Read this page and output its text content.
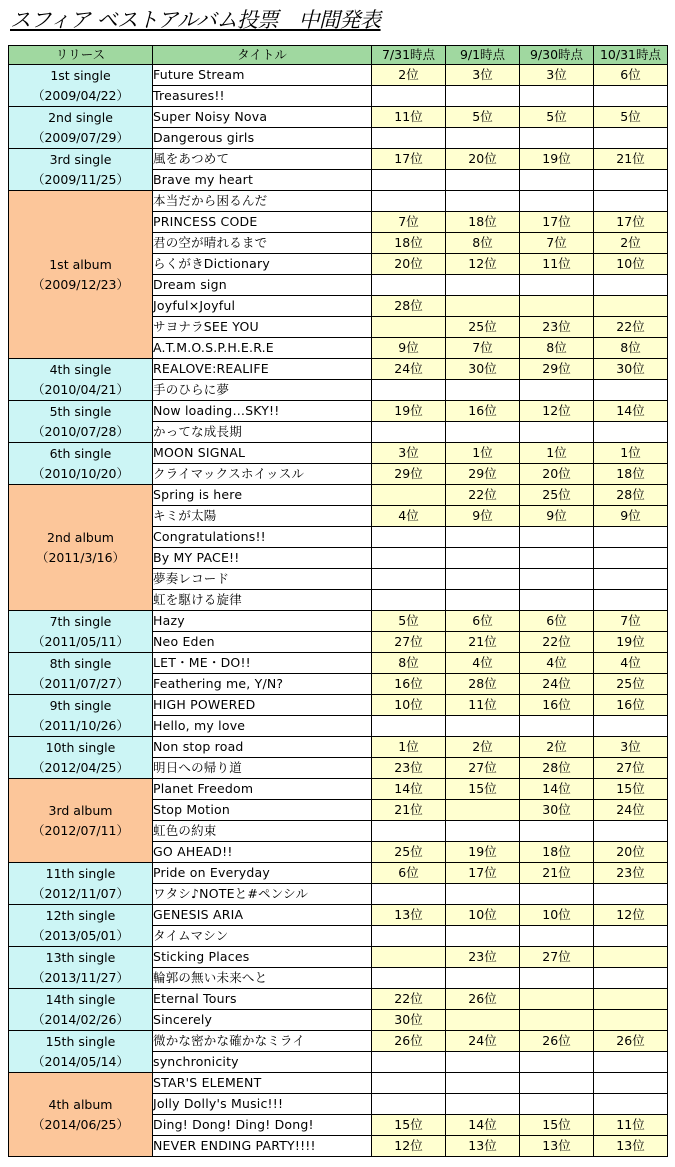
スフィア ベストアルバム投票　中間発表
リリース	タイトル	7/31時点	9/1時点	9/30時点	10/31時点

1st single
（2009/04/22）	Future Stream	2位	3位	3位	6位
	Treasures!!				

2nd single
（2009/07/29）	Super Noisy Nova	11位	5位	5位	5位
	Dangerous girls				

3rd single
（2009/11/25）	風をあつめて	17位	20位	19位	21位
	Brave my heart				

1st album
（2009/12/23）	本当だから困るんだ				
	PRINCESS CODE	7位	18位	17位	17位
	君の空が晴れるまで	18位	8位	7位	2位
	らくがきDictionary	20位	12位	11位	10位
	Dream sign				
	Joyful×Joyful	28位			
	サヨナラSEE YOU		25位	23位	22位
	A.T.M.O.S.P.H.E.R.E	9位	7位	8位	8位

4th single
（2010/04/21）	REALOVE:REALIFE	24位	30位	29位	30位
	手のひらに夢				

5th single
（2010/07/28）	Now loading…SKY!!	19位	16位	12位	14位
	かってな成長期				

6th single
（2010/10/20）	MOON SIGNAL	3位	1位	1位	1位
	クライマックスホイッスル	29位	29位	20位	18位

2nd album
（2011/3/16）	Spring is here		22位	25位	28位
	キミが太陽	4位	9位	9位	9位
	Congratulations!!				
	By MY PACE!!				
	夢奏レコード				
	虹を駆ける旋律				

7th single
（2011/05/11）	Hazy	5位	6位	6位	7位
	Neo Eden	27位	21位	22位	19位

8th single
（2011/07/27）	LET・ME・DO!!	8位	4位	4位	4位
	Feathering me, Y/N?	16位	28位	24位	25位

9th single
（2011/10/26）	HIGH POWERED	10位	11位	16位	16位
	Hello, my love				

10th single
（2012/04/25）	Non stop road	1位	2位	2位	3位
	明日への帰り道	23位	27位	28位	27位

3rd album
（2012/07/11）	Planet Freedom	14位	15位	14位	15位
	Stop Motion	21位		30位	24位
	虹色の約束				
	GO AHEAD!!	25位	19位	18位	20位

11th single
（2012/11/07）	Pride on Everyday	6位	17位	21位	23位
	ワタシ♪NOTEと#ペンシル				

12th single
（2013/05/01）	GENESIS ARIA	13位	10位	10位	12位
	タイムマシン				

13th single
（2013/11/27）	Sticking Places		23位	27位	
	輪郭の無い未来へと				

14th single
（2014/02/26）	Eternal Tours	22位	26位		
	Sincerely	30位			

15th single
（2014/05/14）	微かな密かな確かなミライ	26位	24位	26位	26位
	synchronicity				

4th album
（2014/06/25）	STAR'S ELEMENT				
	Jolly Dolly's Music!!!				
	Ding! Dong! Ding! Dong!	15位	14位	15位	11位
	NEVER ENDING PARTY!!!!	12位	13位	13位	13位
